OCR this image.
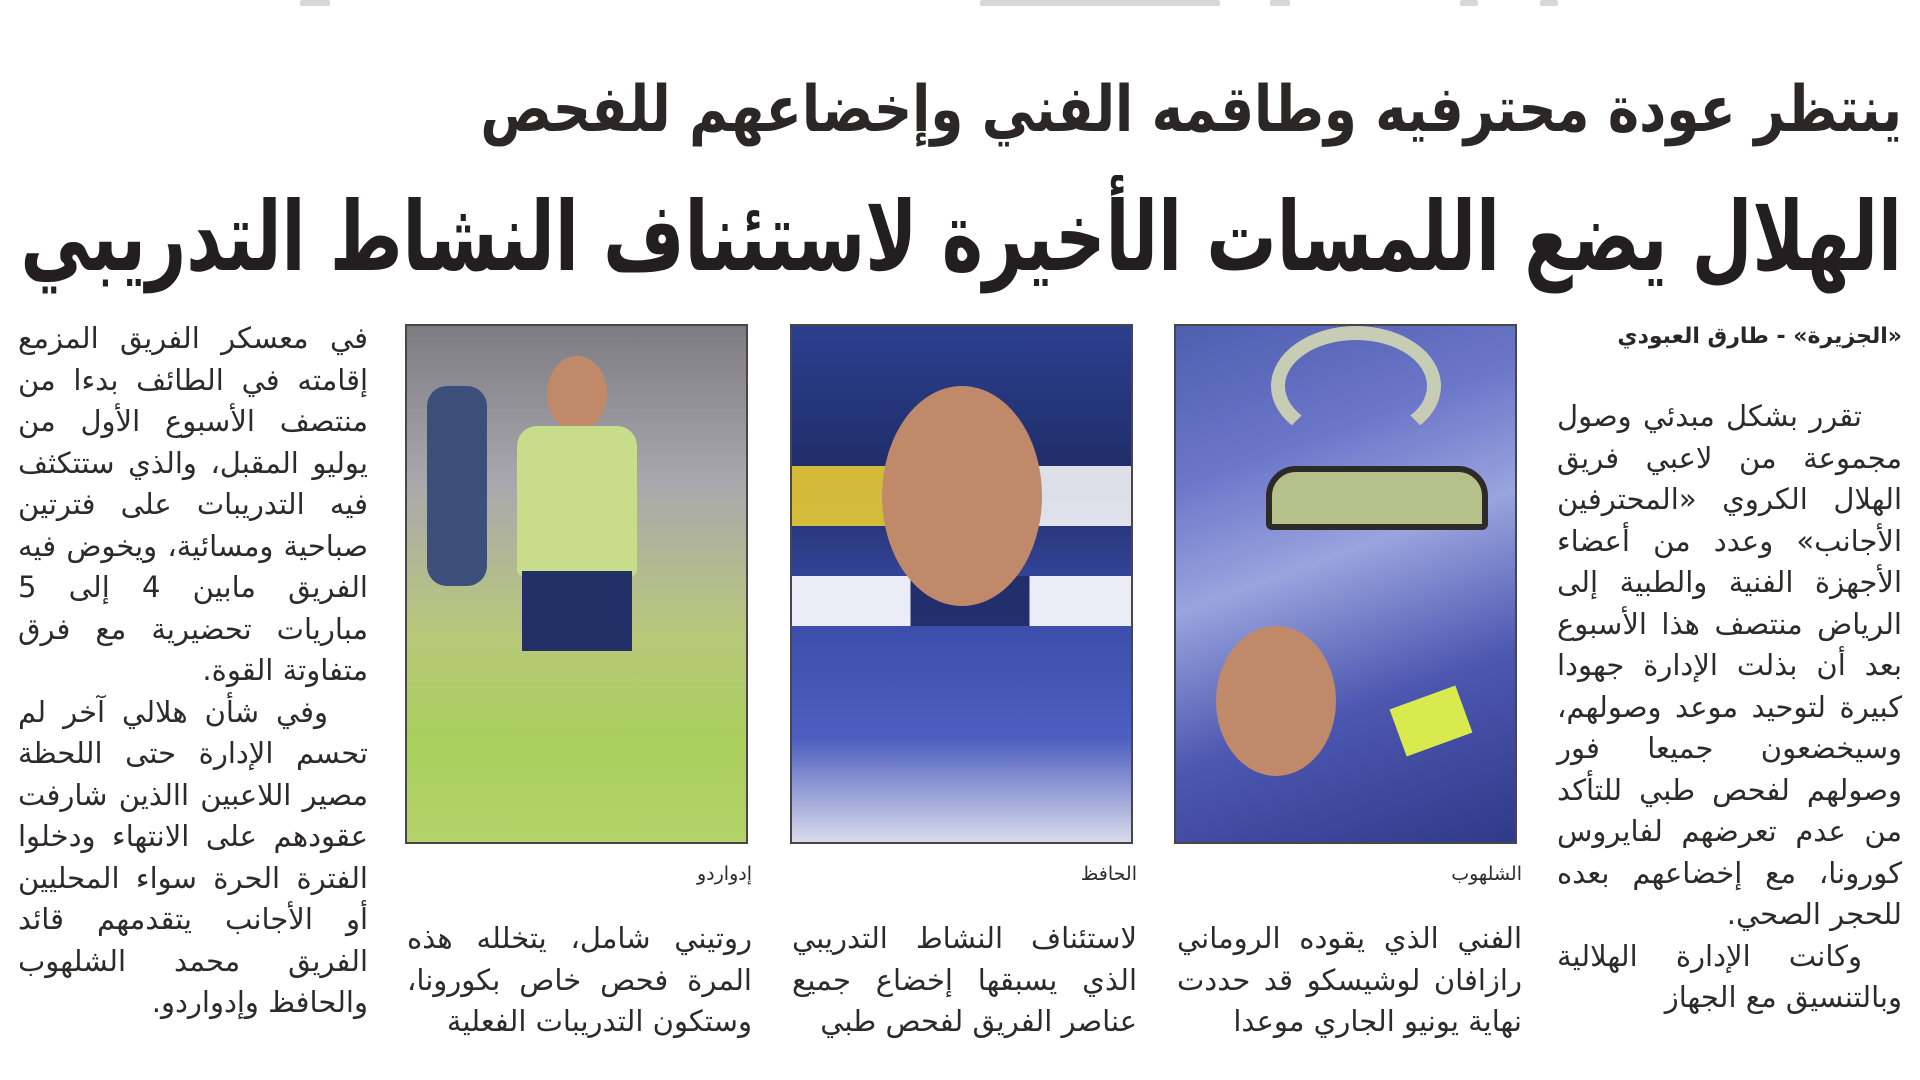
ينتظر عودة محترفيه وطاقمه الفني وإخضاعهم للفحص
الهلال يضع اللمسات الأخيرة لاستئناف النشاط التدريبي
«الجزيرة» - طارق العبودي

تقرر بشكل مبدئي وصول مجموعة من لاعبي فريق الهلال الكروي «المحترفين الأجانب» وعدد من أعضاء الأجهزة الفنية والطبية إلى الرياض منتصف هذا الأسبوع بعد أن بذلت الإدارة جهودا كبيرة لتوحيد موعد وصولهم، وسيخضعون جميعا فور وصولهم لفحص طبي للتأكد من عدم تعرضهم لفايروس كورونا، مع إخضاعهم بعده للحجر الصحي.

وكانت الإدارة الهلالية وبالتنسيق مع الجهاز

الشلهوب

الفني الذي يقوده الروماني رازافان لوشيسكو قد حددت نهاية يونيو الجاري موعدا

الحافظ

لاستئناف النشاط التدريبي الذي يسبقها إخضاع جميع عناصر الفريق لفحص طبي

إدواردو

روتيني شامل، يتخلله هذه المرة فحص خاص بكورونا، وستكون التدريبات الفعلية

في معسكر الفريق المزمع إقامته في الطائف بدءا من منتصف الأسبوع الأول من يوليو المقبل، والذي ستتكثف فيه التدريبات على فترتين صباحية ومسائية، ويخوض فيه الفريق مابين 4 إلى 5 مباريات تحضيرية مع فرق متفاوتة القوة.

وفي شأن هلالي آخر لم تحسم الإدارة حتى اللحظة مصير اللاعبين االذين شارفت عقودهم على الانتهاء ودخلوا الفترة الحرة سواء المحليين أو الأجانب يتقدمهم قائد الفريق محمد الشلهوب والحافظ وإدواردو.
